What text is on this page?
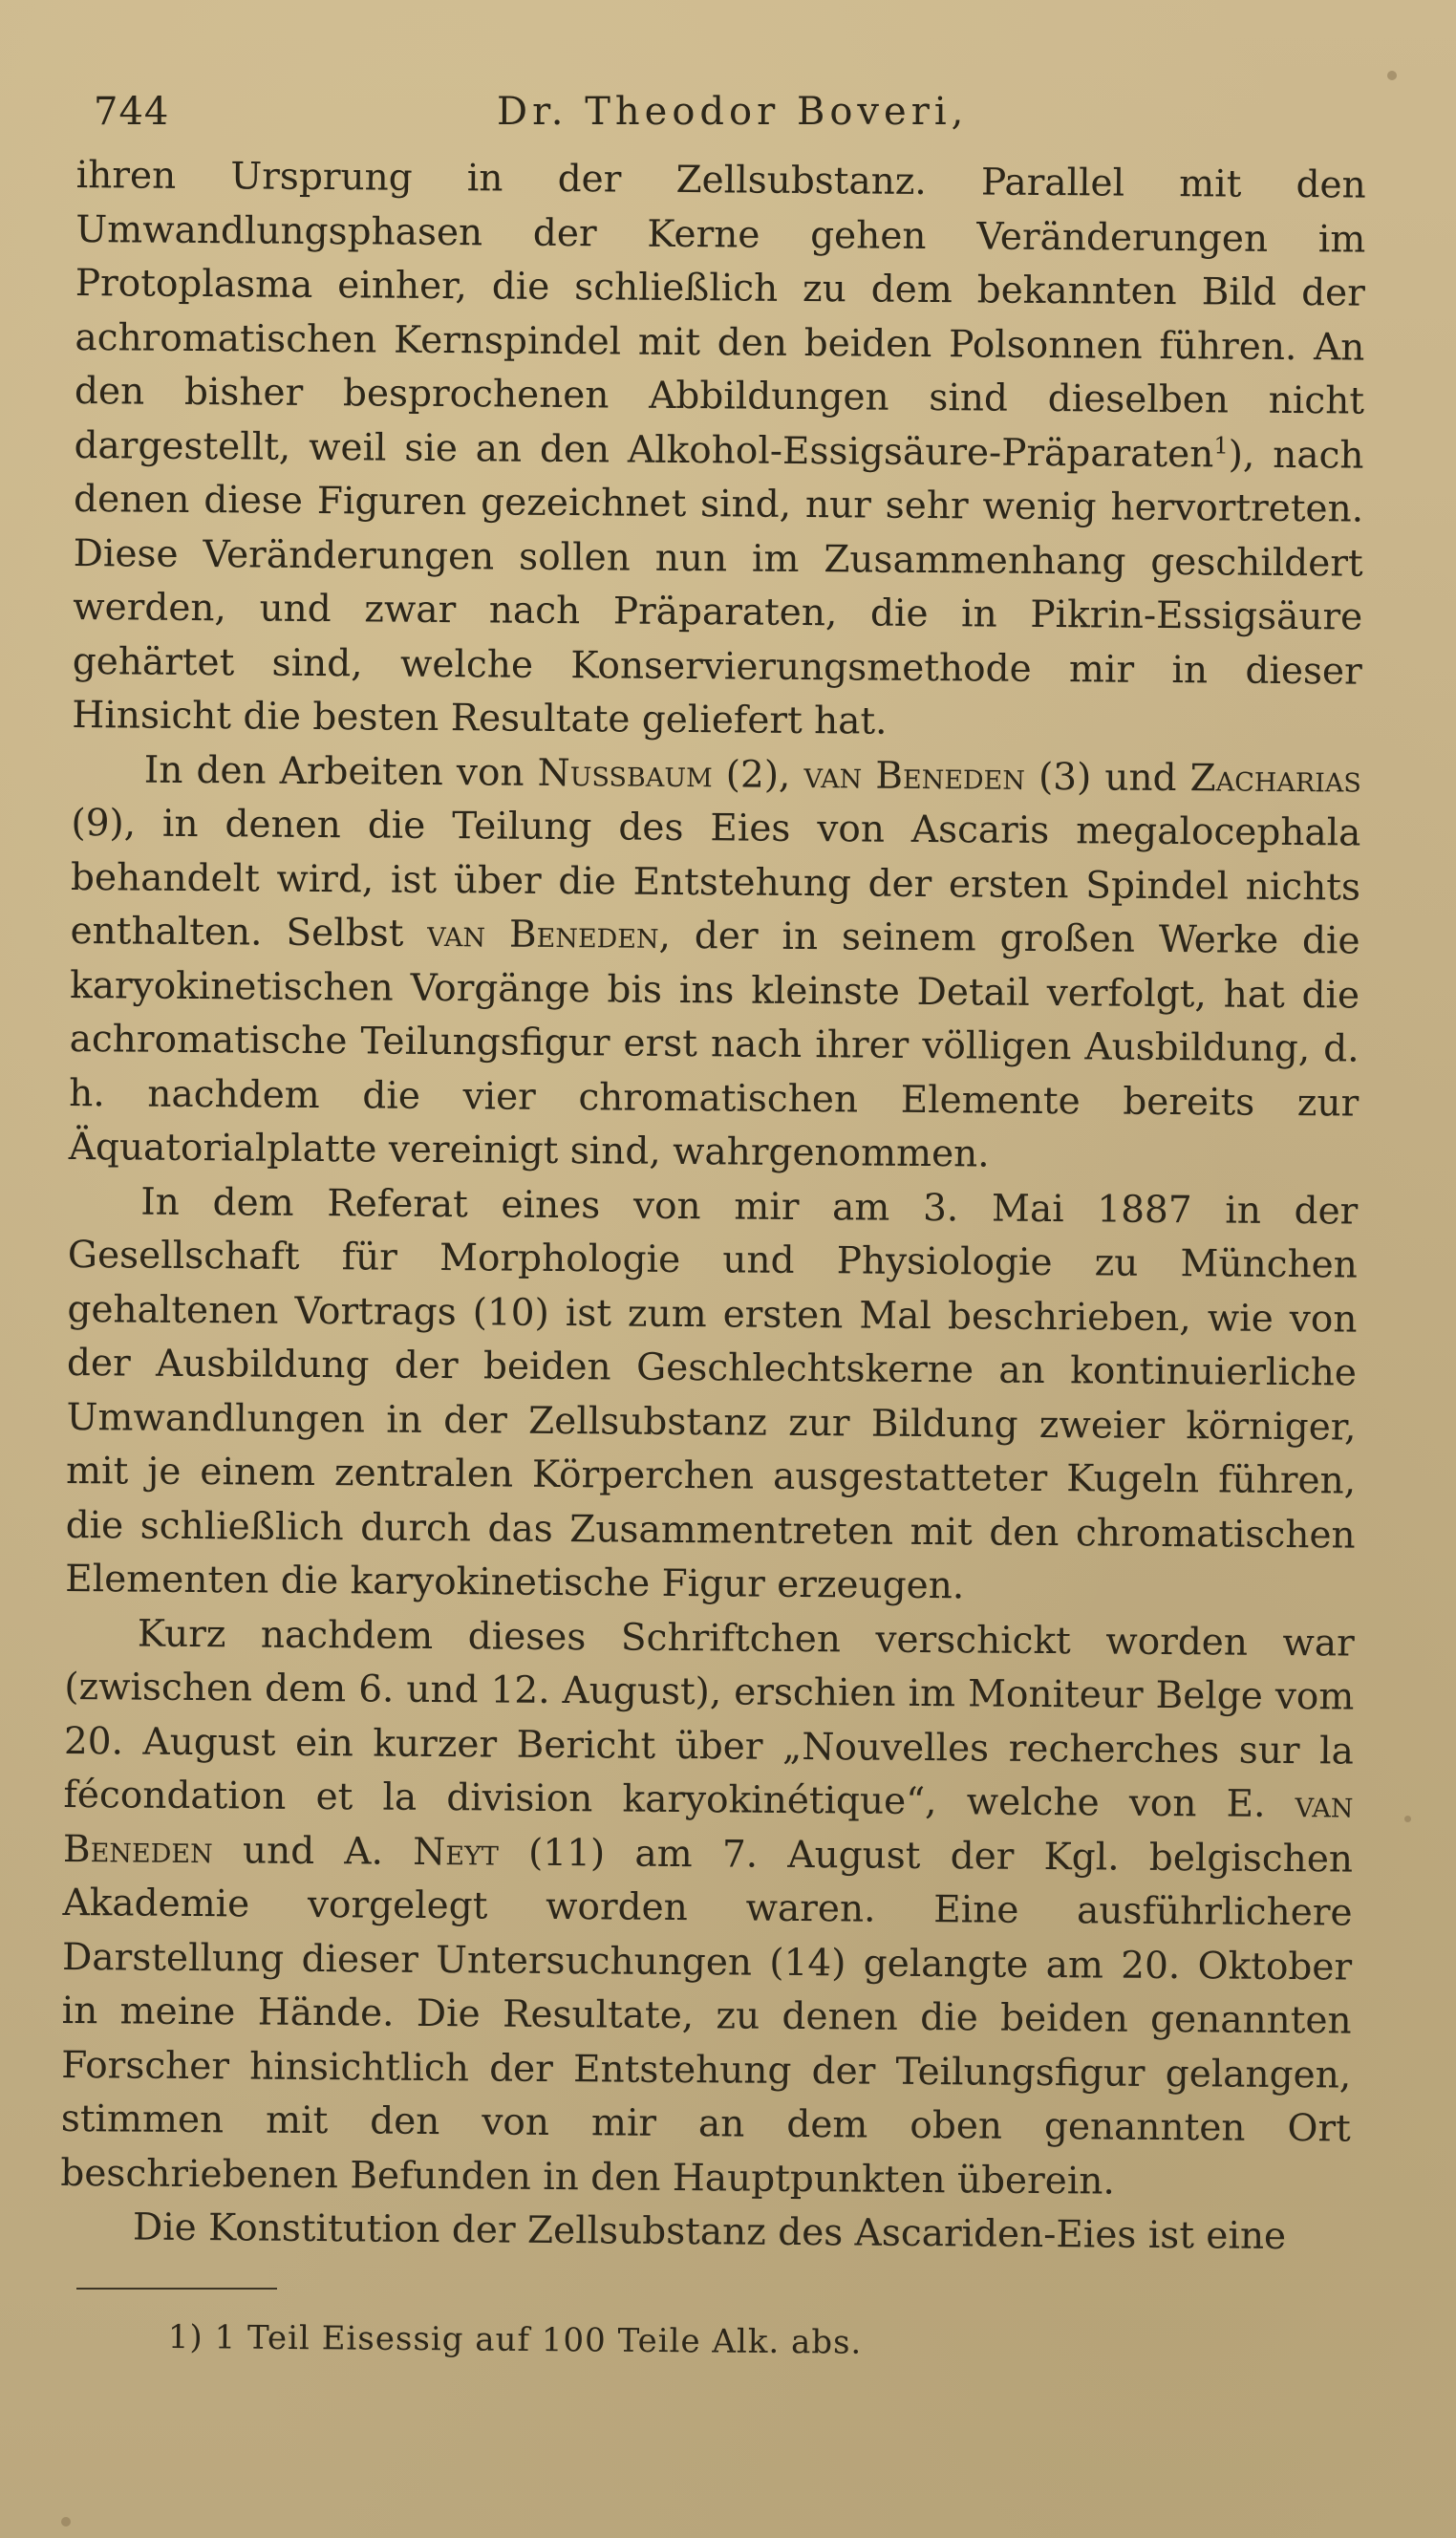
744	Dr. Theodor Boveri,

ihren Ursprung in der Zellsubstanz. Parallel mit den Umwandlungsphasen der Kerne gehen Veränderungen im Protoplasma einher, die schließlich zu dem bekannten Bild der achromatischen Kernspindel mit den beiden Polsonnen führen. An den bisher besprochenen Abbildungen sind dieselben nicht dargestellt, weil sie an den Alkohol-Essigsäure-Präparaten$^1$), nach denen diese Figuren gezeichnet sind, nur sehr wenig hervortreten. Diese Veränderungen sollen nun im Zusammenhang geschildert werden, und zwar nach Präparaten, die in Pikrin-Essigsäure gehärtet sind, welche Konservierungsmethode mir in dieser Hinsicht die besten Resultate geliefert hat.

In den Arbeiten von Nussbaum (2), van Beneden (3) und Zacharias (9), in denen die Teilung des Eies von Ascaris megalocephala behandelt wird, ist über die Entstehung der ersten Spindel nichts enthalten. Selbst van Beneden, der in seinem großen Werke die karyokinetischen Vorgänge bis ins kleinste Detail verfolgt, hat die achromatische Teilungsfigur erst nach ihrer völligen Ausbildung, d. h. nachdem die vier chromatischen Elemente bereits zur Äquatorialplatte vereinigt sind, wahrgenommen.

In dem Referat eines von mir am 3. Mai 1887 in der Gesellschaft für Morphologie und Physiologie zu München gehaltenen Vortrags (10) ist zum ersten Mal beschrieben, wie von der Ausbildung der beiden Geschlechtskerne an kontinuierliche Umwandlungen in der Zellsubstanz zur Bildung zweier körniger, mit je einem zentralen Körperchen ausgestatteter Kugeln führen, die schließlich durch das Zusammentreten mit den chromatischen Elementen die karyokinetische Figur erzeugen.

Kurz nachdem dieses Schriftchen verschickt worden war (zwischen dem 6. und 12. August), erschien im Moniteur Belge vom 20. August ein kurzer Bericht über „Nouvelles recherches sur la fécondation et la division karyokinétique“, welche von E. van Beneden und A. Neyt (11) am 7. August der Kgl. belgischen Akademie vorgelegt worden waren. Eine ausführlichere Darstellung dieser Untersuchungen (14) gelangte am 20. Oktober in meine Hände. Die Resultate, zu denen die beiden genannten Forscher hinsichtlich der Entstehung der Teilungsfigur gelangen, stimmen mit den von mir an dem oben genannten Ort beschriebenen Befunden in den Hauptpunkten überein.

Die Konstitution der Zellsubstanz des Ascariden-Eies ist eine

1) 1 Teil Eisessig auf 100 Teile Alk. abs.
